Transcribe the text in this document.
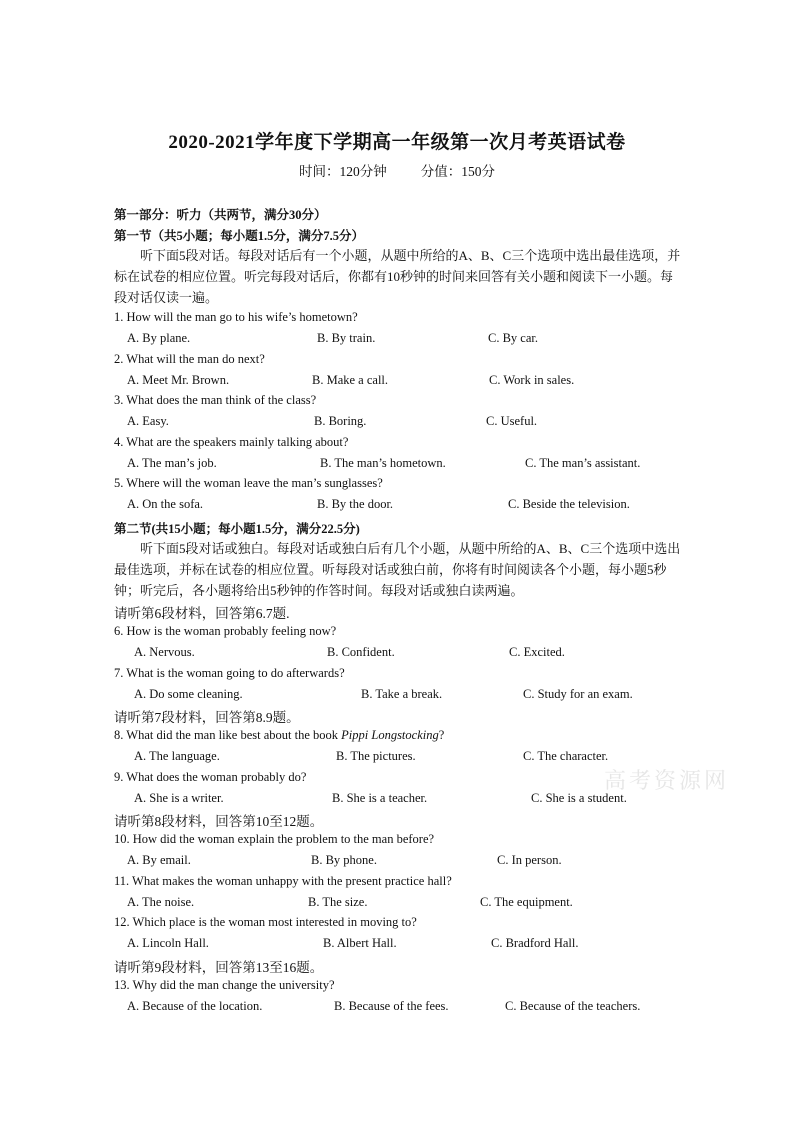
2020-2021学年度下学期高一年级第一次月考英语试卷
时间：120分钟	分值：150分
第一部分：听力（共两节，满分30分）
第一节（共5小题；每小题1.5分，满分7.5分）
听下面5段对话。每段对话后有一个小题，从题中所给的A、B、C三个选项中选出最佳选项，并标在试卷的相应位置。听完每段对话后，你都有10秒钟的时间来回答有关小题和阅读下一小题。每段对话仅读一遍。
1. How will the man go to his wife’s hometown?
A. By plane.	B. By train.	C. By car.
2. What will the man do next?
A. Meet Mr. Brown.	B. Make a call.	C. Work in sales.
3. What does the man think of the class?
A. Easy.	B. Boring.	C. Useful.
4. What are the speakers mainly talking about?
A. The man’s job.	B. The man’s hometown.	C. The man’s assistant.
5. Where will the woman leave the man’s sunglasses?
A. On the sofa.	B. By the door.	C. Beside the television.
第二节(共15小题；每小题1.5分，满分22.5分)
听下面5段对话或独白。每段对话或独白后有几个小题，从题中所给的A、B、C三个选项中选出最佳选项，并标在试卷的相应位置。听每段对话或独白前，你将有时间阅读各个小题，每小题5秒钟；听完后，各小题将给出5秒钟的作答时间。每段对话或独白读两遍。
请听第6段材料，回答第6.7题.
6. How is the woman probably feeling now?
A. Nervous.	B. Confident.	C. Excited.
7. What is the woman going to do afterwards?
A. Do some cleaning.	B. Take a break.	C. Study for an exam.
请听第7段材料，回答第8.9题。
8. What did the man like best about the book Pippi Longstocking?
A. The language.	B. The pictures.	C. The character.
9. What does the woman probably do?
A. She is a writer.	B. She is a teacher.	C. She is a student.
高考资源网
请听第8段材料，回答第10至12题。
10. How did the woman explain the problem to the man before?
A. By email.	B. By phone.	C. In person.
11. What makes the woman unhappy with the present practice hall?
A. The noise.	B. The size.	C. The equipment.
12. Which place is the woman most interested in moving to?
A. Lincoln Hall.	B. Albert Hall.	C. Bradford Hall.
请听第9段材料，回答第13至16题。
13. Why did the man change the university?
A. Because of the location.	B. Because of the fees.	C. Because of the teachers.
